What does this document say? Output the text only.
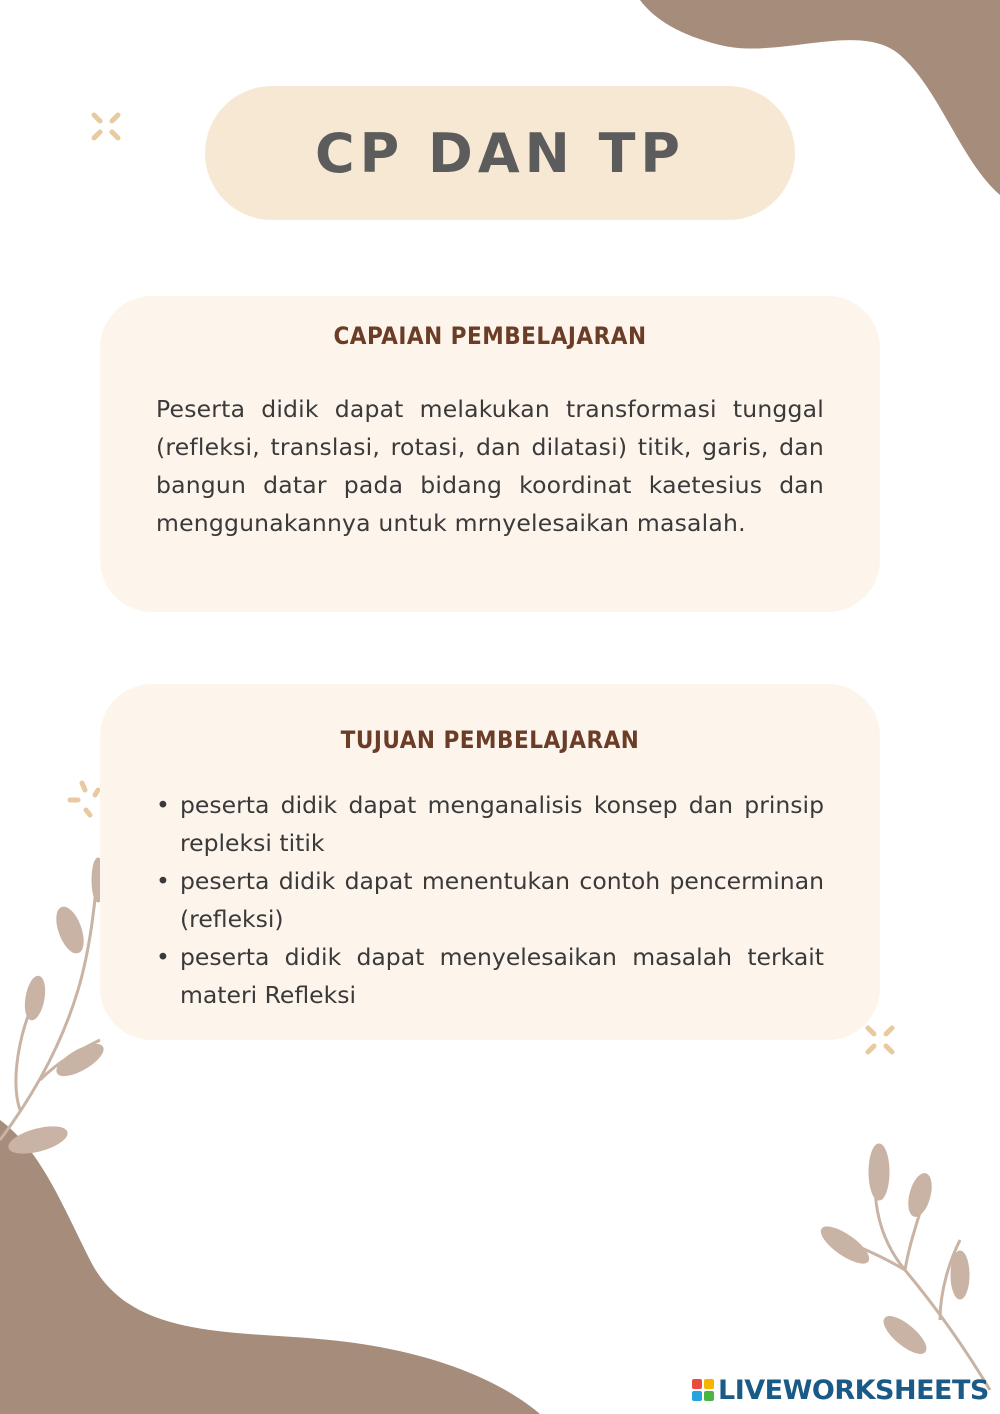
CP DAN TP
CAPAIAN PEMBELAJARAN
Peserta didik dapat melakukan transformasi tunggal (refleksi, translasi, rotasi, dan dilatasi) titik, garis, dan bangun datar pada bidang koordinat kaetesius dan menggunakannya untuk mrnyelesaikan masalah.
TUJUAN PEMBELAJARAN
• peserta didik dapat menganalisis konsep dan prinsip repleksi titik
• peserta didik dapat menentukan contoh pencerminan (refleksi)
• peserta didik dapat menyelesaikan masalah terkait materi Refleksi
LIVEWORKSHEETS
